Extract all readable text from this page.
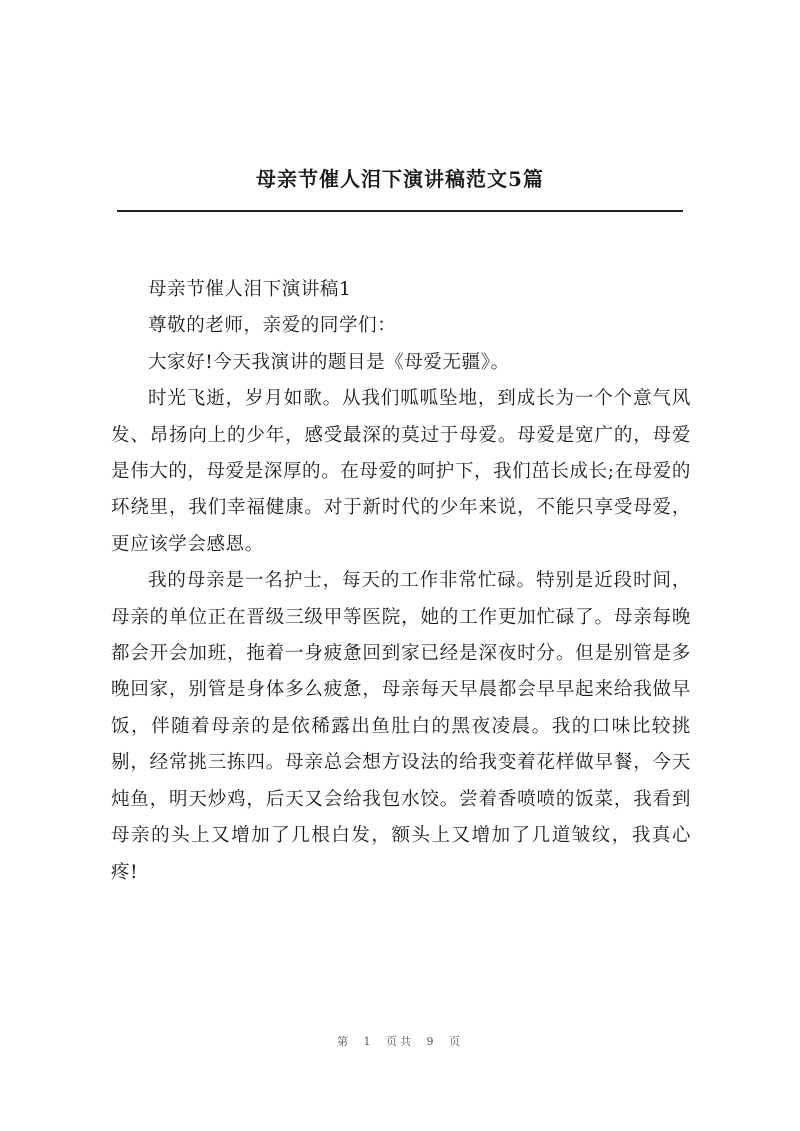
母亲节催人泪下演讲稿范文5篇

母亲节催人泪下演讲稿1

尊敬的老师，亲爱的同学们：

大家好!今天我演讲的题目是《母爱无疆》。

时光飞逝，岁月如歌。从我们呱呱坠地，到成长为一个个意气风发、昂扬向上的少年，感受最深的莫过于母爱。母爱是宽广的，母爱是伟大的，母爱是深厚的。在母爱的呵护下，我们茁长成长;在母爱的环绕里，我们幸福健康。对于新时代的少年来说，不能只享受母爱，更应该学会感恩。

我的母亲是一名护士，每天的工作非常忙碌。特别是近段时间，母亲的单位正在晋级三级甲等医院，她的工作更加忙碌了。母亲每晚都会开会加班，拖着一身疲惫回到家已经是深夜时分。但是别管是多晚回家，别管是身体多么疲惫，母亲每天早晨都会早早起来给我做早饭，伴随着母亲的是依稀露出鱼肚白的黑夜凌晨。我的口味比较挑剔，经常挑三拣四。母亲总会想方设法的给我变着花样做早餐，今天炖鱼，明天炒鸡，后天又会给我包水饺。尝着香喷喷的饭菜，我看到母亲的头上又增加了几根白发，额头上又增加了几道皱纹，我真心疼!

第 1 页共 9 页
